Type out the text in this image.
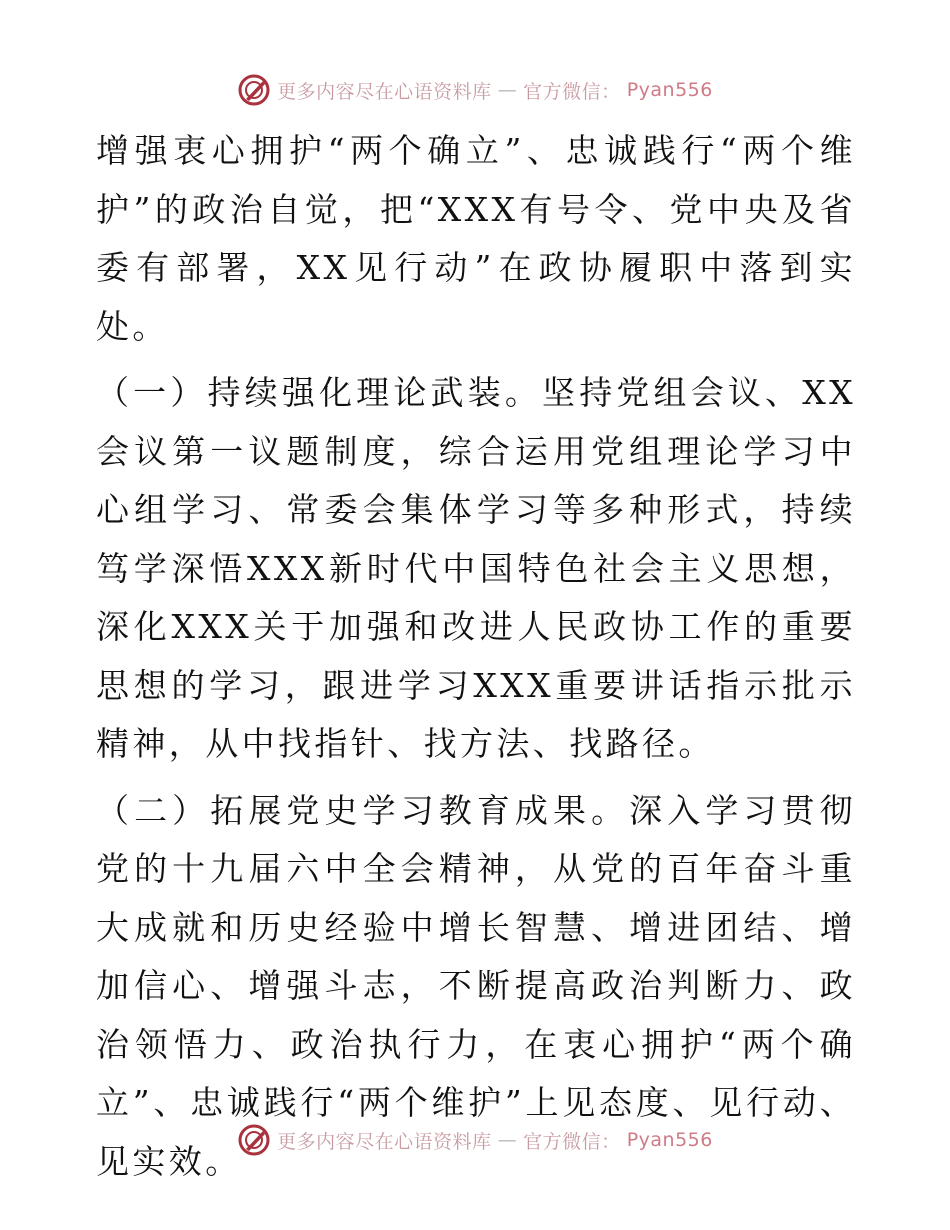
更多内容尽在心语资料库 — 官方微信： Pyan556

增强衷心拥护“两个确立”、忠诚践行“两个维护”的政治自觉，把“XXX有号令、党中央及省委有部署，XX见行动”在政协履职中落到实处。

（一）持续强化理论武装。坚持党组会议、XX会议第一议题制度，综合运用党组理论学习中心组学习、常委会集体学习等多种形式，持续笃学深悟XXX新时代中国特色社会主义思想，深化XXX关于加强和改进人民政协工作的重要思想的学习，跟进学习XXX重要讲话指示批示精神，从中找指针、找方法、找路径。

（二）拓展党史学习教育成果。深入学习贯彻党的十九届六中全会精神，从党的百年奋斗重大成就和历史经验中增长智慧、增进团结、增加信心、增强斗志，不断提高政治判断力、政治领悟力、政治执行力，在衷心拥护“两个确立”、忠诚践行“两个维护”上见态度、见行动、见实效。	更多内容尽在心语资料库 — 官方微信： Pyan556
